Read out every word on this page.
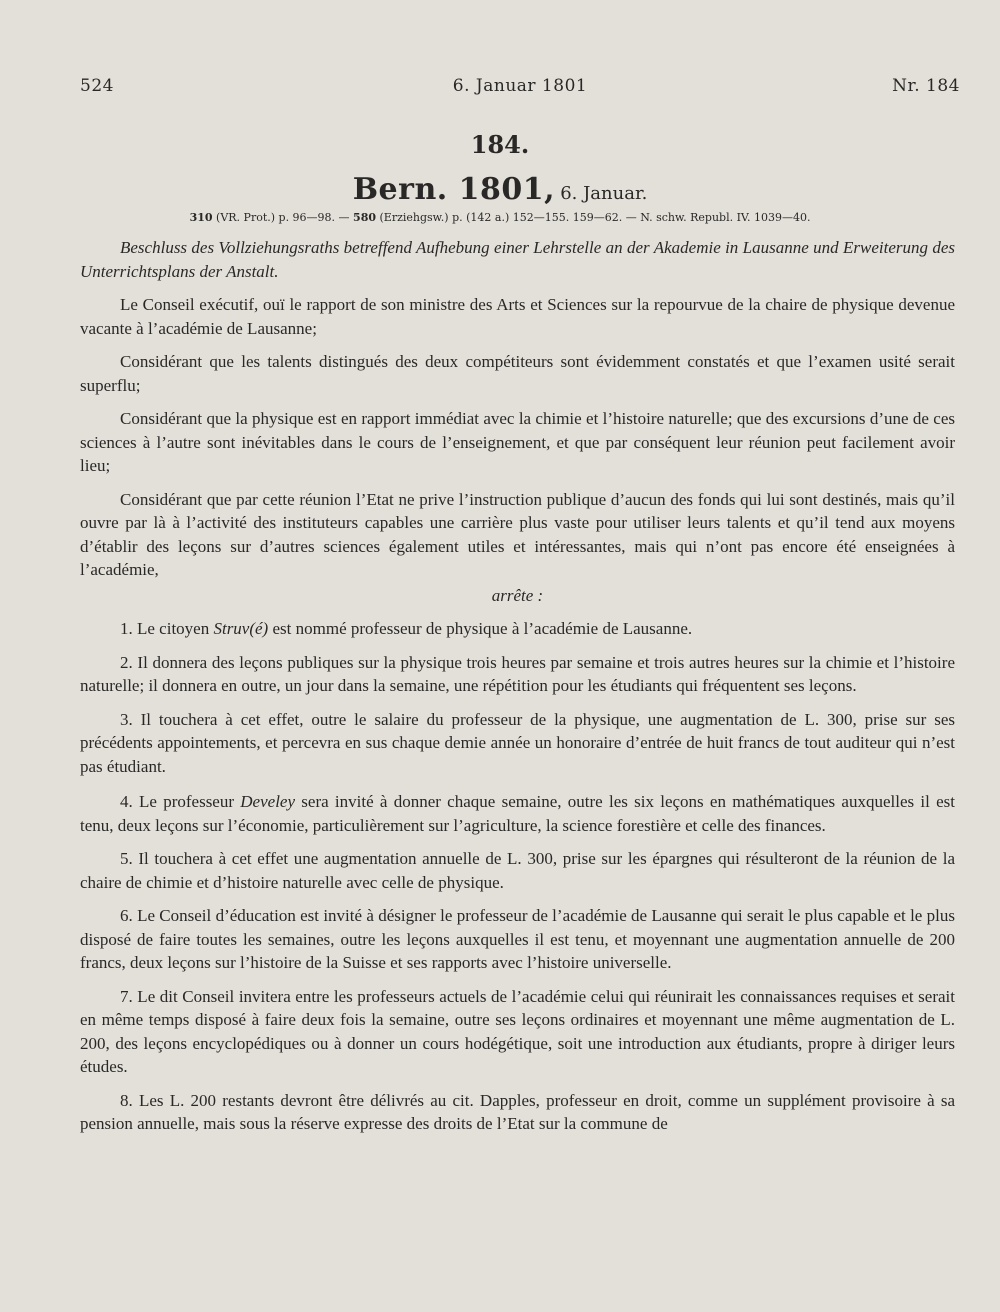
524	6. Januar 1801	Nr. 184
184.
Bern. 1801, 6. Januar.
310 (VR. Prot.) p. 96—98. — 580 (Erziehgsw.) p. (142 a.) 152—155. 159—62. — N. schw. Republ. IV. 1039—40.

Beschluss des Vollziehungsraths betreffend Aufhebung einer Lehrstelle an der Akademie in Lausanne und Erweiterung des Unterrichtsplans der Anstalt.

Le Conseil exécutif, ouï le rapport de son ministre des Arts et Sciences sur la repourvue de la chaire de physique devenue vacante à l’académie de Lausanne;

Considérant que les talents distingués des deux compétiteurs sont évidemment constatés et que l’examen usité serait superflu;

Considérant que la physique est en rapport immédiat avec la chimie et l’histoire naturelle; que des excursions d’une de ces sciences à l’autre sont inévitables dans le cours de l’enseignement, et que par conséquent leur réunion peut facilement avoir lieu;

Considérant que par cette réunion l’Etat ne prive l’instruction publique d’aucun des fonds qui lui sont destinés, mais qu’il ouvre par là à l’activité des instituteurs capables une carrière plus vaste pour utiliser leurs talents et qu’il tend aux moyens d’établir des leçons sur d’autres sciences également utiles et intéressantes, mais qui n’ont pas encore été enseignées à l’académie,

arrête :

1. Le citoyen Struv(é) est nommé professeur de physique à l’académie de Lausanne.

2. Il donnera des leçons publiques sur la physique trois heures par semaine et trois autres heures sur la chimie et l’histoire naturelle; il donnera en outre, un jour dans la semaine, une répétition pour les étudiants qui fréquentent ses leçons.

3. Il touchera à cet effet, outre le salaire du professeur de la physique, une augmentation de L. 300, prise sur ses précédents appointements, et percevra en sus chaque demie année un honoraire d’entrée de huit francs de tout auditeur qui n’est pas étudiant.

4. Le professeur Develey sera invité à donner chaque semaine, outre les six leçons en mathématiques auxquelles il est tenu, deux leçons sur l’économie, particulièrement sur l’agriculture, la science forestière et celle des finances.

5. Il touchera à cet effet une augmentation annuelle de L. 300, prise sur les épargnes qui résulteront de la réunion de la chaire de chimie et d’histoire naturelle avec celle de physique.

6. Le Conseil d’éducation est invité à désigner le professeur de l’académie de Lausanne qui serait le plus capable et le plus disposé de faire toutes les semaines, outre les leçons auxquelles il est tenu, et moyennant une augmentation annuelle de 200 francs, deux leçons sur l’histoire de la Suisse et ses rapports avec l’histoire universelle.

7. Le dit Conseil invitera entre les professeurs actuels de l’académie celui qui réunirait les connaissances requises et serait en même temps disposé à faire deux fois la semaine, outre ses leçons ordinaires et moyennant une même augmentation de L. 200, des leçons encyclopédiques ou à donner un cours hodégétique, soit une introduction aux étudiants, propre à diriger leurs études.

8. Les L. 200 restants devront être délivrés au cit. Dapples, professeur en droit, comme un supplément provisoire à sa pension annuelle, mais sous la réserve expresse des droits de l’Etat sur la commune de
